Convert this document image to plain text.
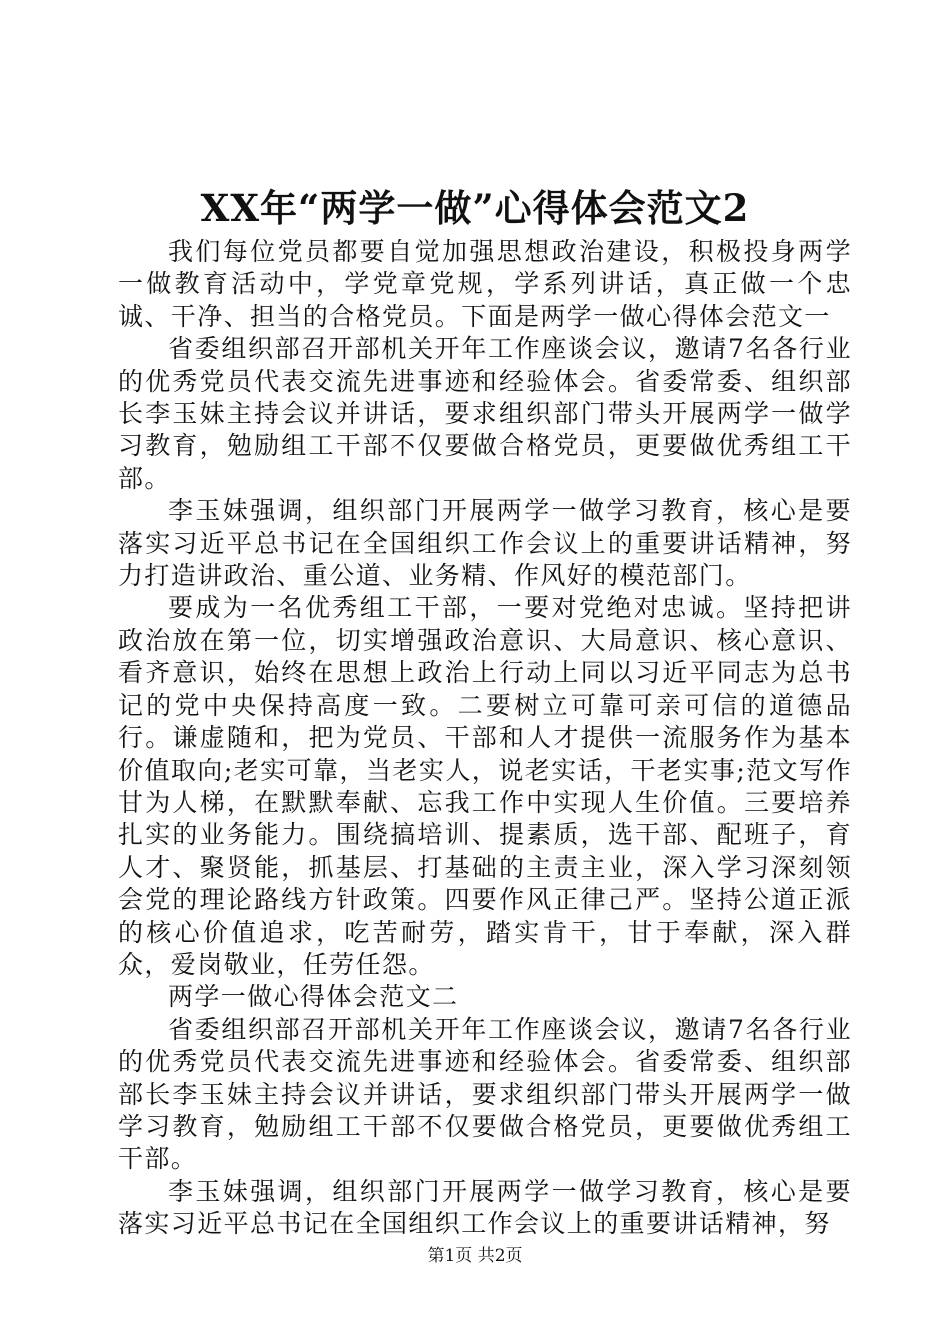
XX年“两学一做”心得体会范文2

我们每位党员都要自觉加强思想政治建设，积极投身两学一做教育活动中，学党章党规，学系列讲话，真正做一个忠诚、干净、担当的合格党员。下面是两学一做心得体会范文一

省委组织部召开部机关开年工作座谈会议，邀请7名各行业的优秀党员代表交流先进事迹和经验体会。省委常委、组织部长李玉妹主持会议并讲话，要求组织部门带头开展两学一做学习教育，勉励组工干部不仅要做合格党员，更要做优秀组工干部。

李玉妹强调，组织部门开展两学一做学习教育，核心是要落实习近平总书记在全国组织工作会议上的重要讲话精神，努力打造讲政治、重公道、业务精、作风好的模范部门。

要成为一名优秀组工干部，一要对党绝对忠诚。坚持把讲政治放在第一位，切实增强政治意识、大局意识、核心意识、看齐意识，始终在思想上政治上行动上同以习近平同志为总书记的党中央保持高度一致。二要树立可靠可亲可信的道德品行。谦虚随和，把为党员、干部和人才提供一流服务作为基本价值取向;老实可靠，当老实人，说老实话，干老实事;范文写作甘为人梯，在默默奉献、忘我工作中实现人生价值。三要培养扎实的业务能力。围绕搞培训、提素质，选干部、配班子，育人才、聚贤能，抓基层、打基础的主责主业，深入学习深刻领会党的理论路线方针政策。四要作风正律己严。坚持公道正派的核心价值追求，吃苦耐劳，踏实肯干，甘于奉献，深入群众，爱岗敬业，任劳任怨。

两学一做心得体会范文二

省委组织部召开部机关开年工作座谈会议，邀请7名各行业的优秀党员代表交流先进事迹和经验体会。省委常委、组织部部长李玉妹主持会议并讲话，要求组织部门带头开展两学一做学习教育，勉励组工干部不仅要做合格党员，更要做优秀组工干部。

李玉妹强调，组织部门开展两学一做学习教育，核心是要落实习近平总书记在全国组织工作会议上的重要讲话精神，努

第1页 共2页
